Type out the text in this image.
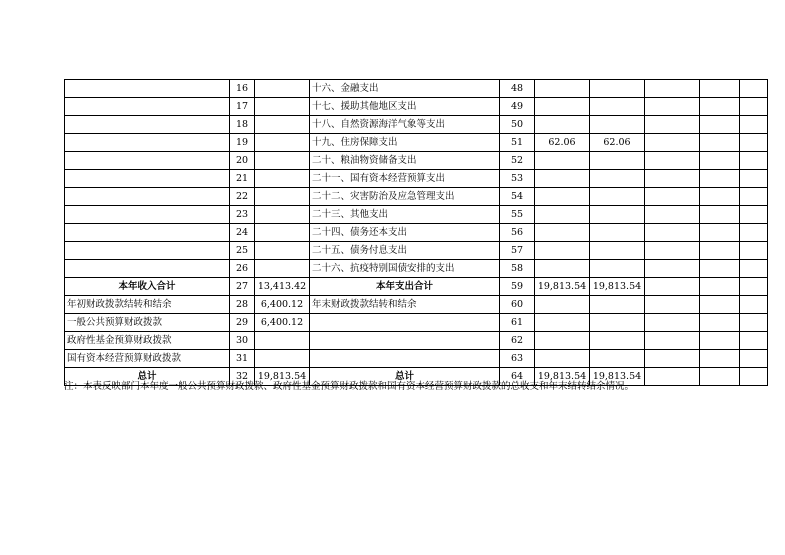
	16		十六、金融支出	48					
	17		十七、援助其他地区支出	49					
	18		十八、自然资源海洋气象等支出	50					
	19		十九、住房保障支出	51	62.06	62.06			
	20		二十、粮油物资储备支出	52					
	21		二十一、国有资本经营预算支出	53					
	22		二十二、灾害防治及应急管理支出	54					
	23		二十三、其他支出	55					
	24		二十四、债务还本支出	56					
	25		二十五、债务付息支出	57					
	26		二十六、抗疫特别国债安排的支出	58					
本年收入合计	27	13,413.42	本年支出合计	59	19,813.54	19,813.54			
年初财政拨款结转和结余	28	6,400.12	年末财政拨款结转和结余	60					
一般公共预算财政拨款	29	6,400.12		61					
政府性基金预算财政拨款	30			62					
国有资本经营预算财政拨款	31			63					
总计	32	19,813.54	总计	64	19,813.54	19,813.54			
注：本表反映部门本年度一般公共预算财政拨款、政府性基金预算财政拨款和国有资本经营预算财政拨款的总收支和年末结转结余情况。
